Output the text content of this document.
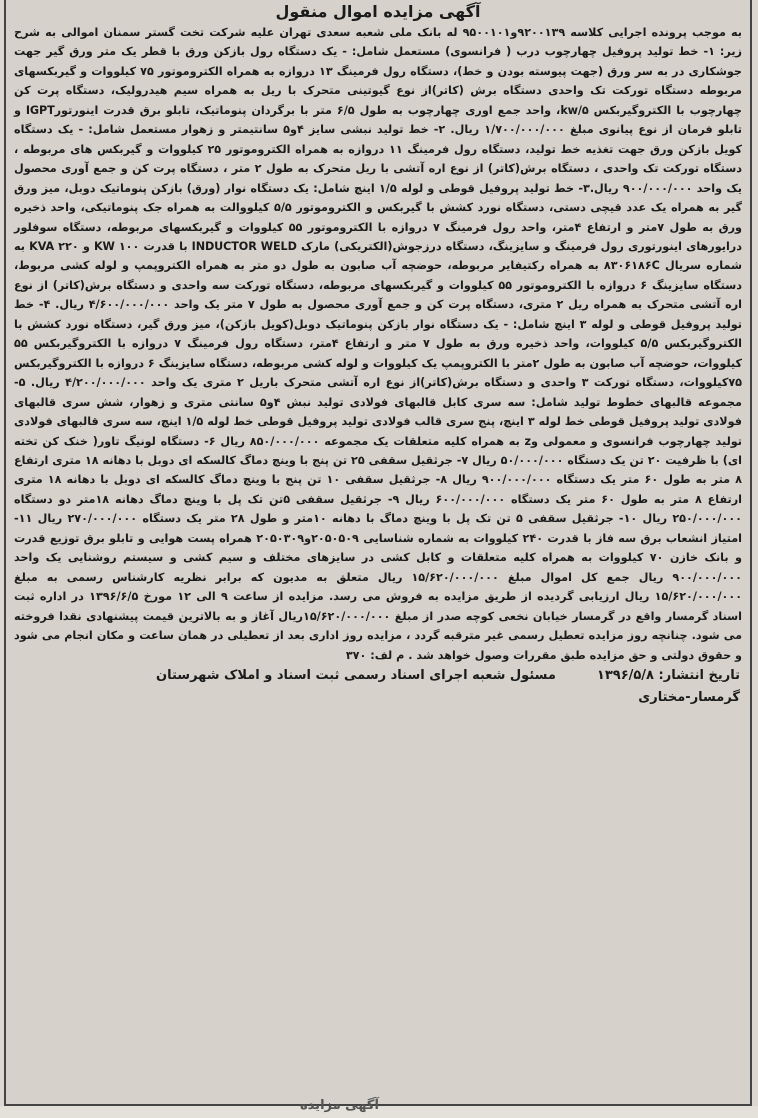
آگهی مزایده اموال منقول

به موجب پرونده اجرایی کلاسه ۹۲۰۰۱۳۹و۹۵۰۰۱۰۱ له بانک ملی شعبه سعدی تهران علیه شرکت تخت گستر سمنان اموالی به شرح زیر: ۱- خط تولید پروفیل چهارچوب درب ( فرانسوی) مستعمل شامل: - یک دستگاه رول بازکن ورق با قطر یک متر ورق گیر جهت جوشکاری در به سر ورق (جهت پیوسته بودن و خط)، دستگاه رول فرمینگ ۱۳ دروازه به همراه الکتروموتور ۷۵ کیلووات و گیربکسهای مربوطه دستگاه تورکت تک واحدی دستگاه برش (کاتر)از نوع گیوتینی متحرک با ریل به همراه سیم هیدرولیک، دستگاه پرت کن چهارچوب با الکتروگیربکس kw/۵، واحد جمع اوری چهارچوب به طول ۶/۵ متر با برگردان پنوماتیک، تابلو برق قدرت اینورتورIGPT و تابلو فرمان از نوع پیانوی مبلغ ۱/۷۰۰/۰۰۰/۰۰۰ ریال. ۲- خط تولید نبشی سایز ۴و۵ سانتیمتر و زهوار مستعمل شامل: - یک دستگاه کویل بازکن ورق جهت تغذیه خط تولید، دستگاه رول فرمینگ ۱۱ دروازه به همراه الکتروموتور ۲۵ کیلووات و گیربکس های مربوطه ، دستگاه تورکت تک واحدی ، دستگاه برش(کاتر) از نوع اره آتشی با ریل متحرک به طول ۲ متر ، دستگاه پرت کن و جمع آوری محصول یک واحد ۹۰۰/۰۰۰/۰۰۰ ریال.۳- خط تولید پروفیل قوطی و لوله ۱/۵ اینچ شامل: یک دستگاه نوار (ورق) بازکن پنوماتیک دوبل، میز ورق گیر به همراه یک عدد قیچی دستی، دستگاه نورد کشش با گیربکس و الکتروموتور ۵/۵ کیلووالت به همراه جک پنوماتیکی، واحد ذخیره ورق به طول ۷متر و ارتفاع ۴متر، واحد رول فرمینگ ۷ دروازه با الکتروموتور ۵۵ کیلووات و گیربکسهای مربوطه، دستگاه سوفلور درایورهای اینورتوری رول فرمینگ و سایزینگ، دستگاه درزجوش(الکتریکی) مارک INDUCTOR WELD با قدرت KW ۱۰۰ و KVA ۲۲۰ به شماره سریال ۸۳۰۶۱۸۶C به همراه رکتیفایر مربوطه، حوضچه آب صابون به طول دو متر به همراه الکتروپمپ و لوله کشی مربوط، دستگاه سایزینگ ۶ دروازه با الکتروموتور ۵۵ کیلووات و گیربکسهای مربوطه، دستگاه تورکت سه واحدی و دستگاه برش(کاتر) از نوع اره آتشی متحرک به همراه ریل ۲ متری، دستگاه پرت کن و جمع آوری محصول به طول ۷ متر یک واحد ۴/۶۰۰/۰۰۰/۰۰۰ ریال. ۴- خط تولید پروفیل قوطی و لوله ۳ اینچ شامل: - یک دستگاه نوار بازکن پنوماتیک دوبل(کویل بازکن)، میز ورق گیر، دستگاه نورد کشش با الکتروگیربکس ۵/۵ کیلووات، واحد ذخیره ورق به طول ۷ متر و ارتفاع ۴متر، دستگاه رول فرمینگ ۷ دروازه با الکتروگیربکس ۵۵ کیلووات، حوضچه آب صابون به طول ۲متر با الکتروپمپ یک کیلووات و لوله کشی مربوطه، دستگاه سایزینگ ۶ دروازه با الکتروگیربکس ۷۵کیلووات، دستگاه تورکت ۳ واحدی و دستگاه برش(کاتر)از نوع اره آتشی متحرک باریل ۲ متری یک واحد ۴/۲۰۰/۰۰۰/۰۰۰ ریال. ۵- مجموعه قالبهای خطوط تولید شامل: سه سری کابل قالبهای فولادی تولید نبش ۴و۵ سانتی متری و زهوار، شش سری قالبهای فولادی تولید پروفیل قوطی خط لوله ۳ اینچ، پنج سری قالب فولادی تولید پروفیل قوطی خط لوله ۱/۵ اینچ، سه سری قالبهای فولادی تولید چهارچوب فرانسوی و معمولی وz به همراه کلیه متعلقات یک مجموعه ۸۵۰/۰۰۰/۰۰۰ ریال ۶- دستگاه لونیگ تاور( خنک کن تخته ای) با ظرفیت ۲۰ تن یک دستگاه ۵۰/۰۰۰/۰۰۰ ریال ۷- جرثقیل سقفی ۲۵ تن پنج با وینچ دماگ کالسکه ای دوبل با دهانه ۱۸ متری ارتفاع ۸ متر به طول ۶۰ متر یک دستگاه ۹۰۰/۰۰۰/۰۰۰ ریال ۸- جرثقیل سقفی ۱۰ تن پنج با وینچ دماگ کالسکه ای دوبل با دهانه ۱۸ متری ارتفاع ۸ متر به طول ۶۰ متر یک دستگاه ۶۰۰/۰۰۰/۰۰۰ ریال ۹- جرثقیل سقفی ۵تن تک پل با وینچ دماگ دهانه ۱۸متر دو دستگاه ۲۵۰/۰۰۰/۰۰۰ ریال ۱۰- جرثقیل سقفی ۵ تن تک پل با وینچ دماگ با دهانه ۱۰متر و طول ۲۸ متر یک دستگاه ۲۷۰/۰۰۰/۰۰۰ ریال ۱۱- امتیاز انشعاب برق سه فاز با قدرت ۲۴۰ کیلووات به شماره شناسایی ۲۰۵۰۵۰۹و۲۰۵۰۳۰۹ همراه پست هوایی و تابلو برق توزیع قدرت و بانک خازن ۷۰ کیلووات به همراه کلیه متعلقات و کابل کشی در سایزهای مختلف و سیم کشی و سیستم روشنایی یک واحد ۹۰۰/۰۰۰/۰۰۰ ریال جمع کل اموال مبلغ ۱۵/۶۲۰/۰۰۰/۰۰۰ ریال متعلق به مدیون که برابر نظریه کارشناس رسمی به مبلغ ۱۵/۶۲۰/۰۰۰/۰۰۰ ریال ارزیابی گردیده از طریق مزایده به فروش می رسد. مزایده از ساعت ۹ الی ۱۲ مورخ ۱۳۹۶/۶/۵ در اداره ثبت اسناد گرمسار واقع در گرمسار خیابان نخعی کوچه صدر از مبلغ ۱۵/۶۲۰/۰۰۰/۰۰۰ریال آغاز و به بالاترین قیمت پیشنهادی نقدا فروخته می شود. چنانچه روز مزایده تعطیل رسمی غیر مترقبه گردد ، مزایده روز اداری بعد از تعطیلی در همان ساعت و مکان انجام می شود و حقوق دولتی و حق مزایده طبق مقررات وصول خواهد شد . م لف: ۳۷۰

تاریخ انتشار: ۱۳۹۶/۵/۸
مسئول شعبه اجرای اسناد رسمی ثبت اسناد و املاک شهرستان
گرمسار-مختاری
آگهی مزایده
